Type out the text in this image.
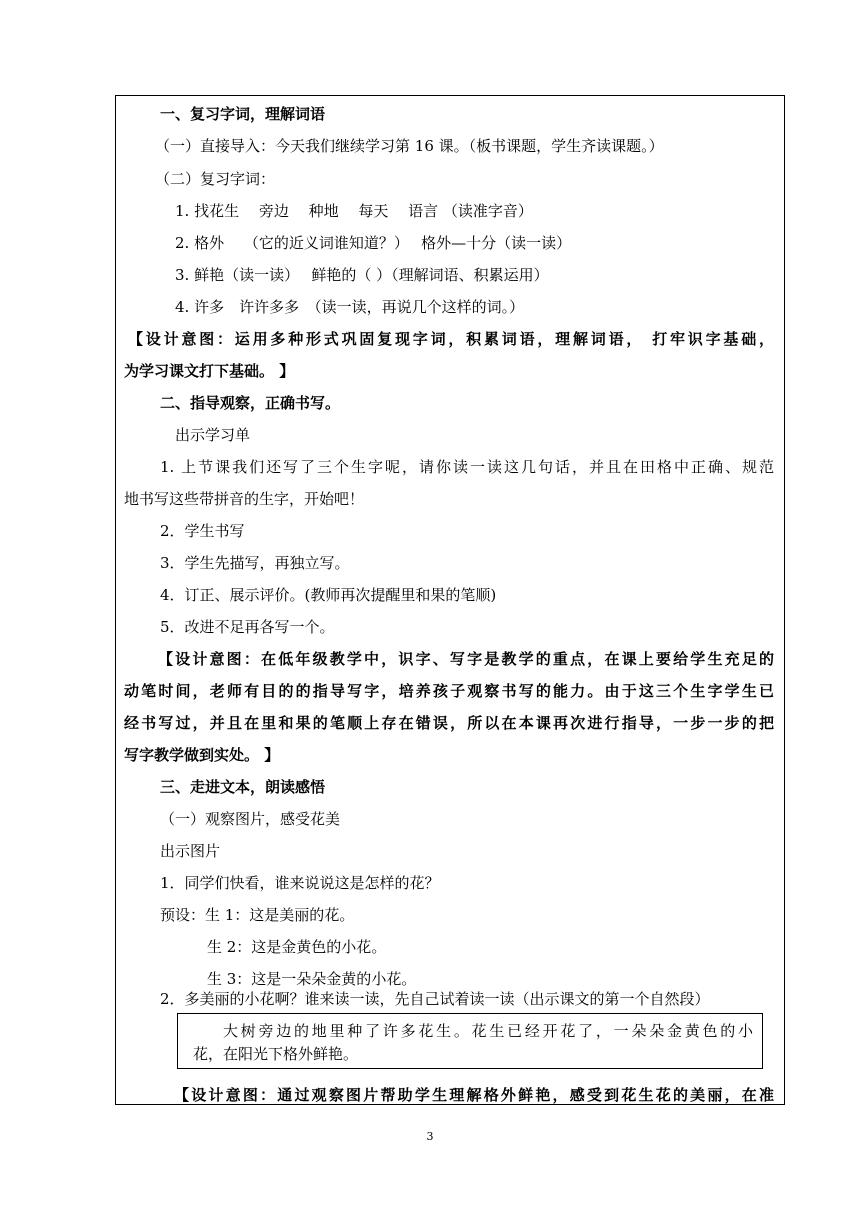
一、复习字词，理解词语
（一）直接导入：今天我们继续学习第 16 课。（板书课题，学生齐读课题。）
（二）复习字词：
1. 找花生　 旁边　 种地　 每天　 语言 （读准字音）
2. 格外　 （它的近义词谁知道？）　 格外—十分（读一读）
3. 鲜艳（读一读）　 鲜艳的（ ）（理解词语、积累运用）
4. 许多　许许多多　（读一读，再说几个这样的词。）
【设计意图：运用多种形式巩固复现字词，积累词语，理解词语， 打牢识字基础，
为学习课文打下基础。 】
二、指导观察，正确书写。
出示学习单
1. 上节课我们还写了三个生字呢，请你读一读这几句话，并且在田格中正确、规范
地书写这些带拼音的生字，开始吧！
2．学生书写
3．学生先描写，再独立写。
4．订正、展示评价。(教师再次提醒里和果的笔顺)
5．改进不足再各写一个。
【设计意图：在低年级教学中，识字、写字是教学的重点，在课上要给学生充足的
动笔时间，老师有目的的指导写字，培养孩子观察书写的能力。由于这三个生字学生已
经书写过，并且在里和果的笔顺上存在错误，所以在本课再次进行指导，一步一步的把
写字教学做到实处。 】
三、走进文本，朗读感悟
（一）观察图片，感受花美
出示图片
1．同学们快看，谁来说说这是怎样的花？
预设：生 1：这是美丽的花。
生 2：这是金黄色的小花。
生 3：这是一朵朵金黄的小花。
2．多美丽的小花啊？谁来读一读，先自己试着读一读（出示课文的第一个自然段）
大树旁边的地里种了许多花生。花生已经开花了，一朵朵金黄色的小
花，在阳光下格外鲜艳。
【设计意图：通过观察图片帮助学生理解格外鲜艳，感受到花生花的美丽，在准
3
